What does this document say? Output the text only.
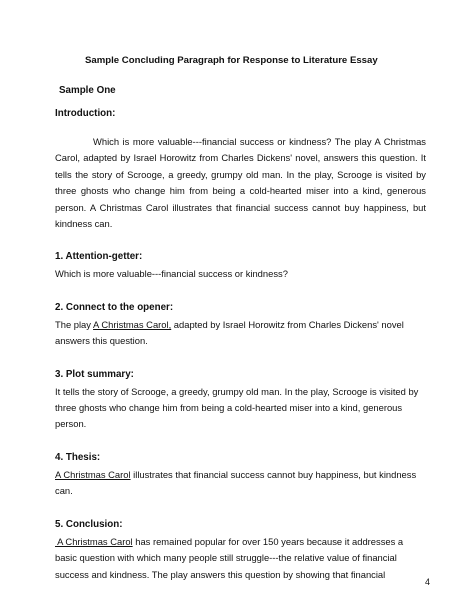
Sample Concluding Paragraph for Response to Literature Essay
Sample One
Introduction:
Which is more valuable---financial success or kindness? The play A Christmas Carol, adapted by Israel Horowitz from Charles Dickens' novel, answers this question. It tells the story of Scrooge, a greedy, grumpy old man. In the play, Scrooge is visited by three ghosts who change him from being a cold-hearted miser into a kind, generous person. A Christmas Carol illustrates that financial success cannot buy happiness, but kindness can.
1. Attention-getter:
Which is more valuable---financial success or kindness?
2. Connect to the opener:
The play A Christmas Carol, adapted by Israel Horowitz from Charles Dickens' novel answers this question.
3. Plot summary:
It tells the story of Scrooge, a greedy, grumpy old man. In the play, Scrooge is visited by three ghosts who change him from being a cold-hearted miser into a kind, generous person.
4. Thesis:
A Christmas Carol illustrates that financial success cannot buy happiness, but kindness can.
5. Conclusion:
A Christmas Carol has remained popular for over 150 years because it addresses a basic question with which many people still struggle---the relative value of financial success and kindness. The play answers this question by showing that financial
4
